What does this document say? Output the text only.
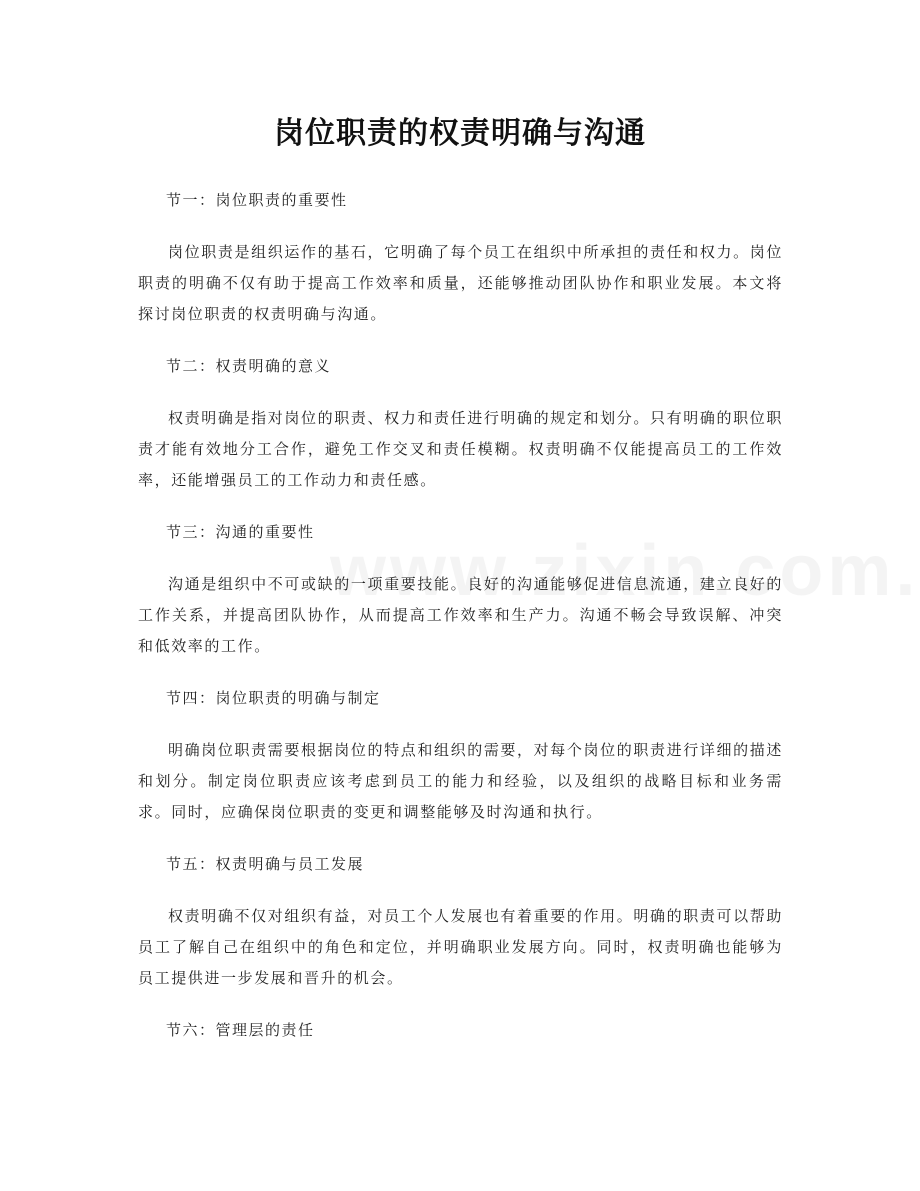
岗位职责的权责明确与沟通

节一：岗位职责的重要性

岗位职责是组织运作的基石，它明确了每个员工在组织中所承担的责任和权力。岗位职责的明确不仅有助于提高工作效率和质量，还能够推动团队协作和职业发展。本文将探讨岗位职责的权责明确与沟通。

节二：权责明确的意义

权责明确是指对岗位的职责、权力和责任进行明确的规定和划分。只有明确的职位职责才能有效地分工合作，避免工作交叉和责任模糊。权责明确不仅能提高员工的工作效率，还能增强员工的工作动力和责任感。

节三：沟通的重要性

沟通是组织中不可或缺的一项重要技能。良好的沟通能够促进信息流通，建立良好的工作关系，并提高团队协作，从而提高工作效率和生产力。沟通不畅会导致误解、冲突和低效率的工作。

节四：岗位职责的明确与制定

明确岗位职责需要根据岗位的特点和组织的需要，对每个岗位的职责进行详细的描述和划分。制定岗位职责应该考虑到员工的能力和经验，以及组织的战略目标和业务需求。同时，应确保岗位职责的变更和调整能够及时沟通和执行。

节五：权责明确与员工发展

权责明确不仅对组织有益，对员工个人发展也有着重要的作用。明确的职责可以帮助员工了解自己在组织中的角色和定位，并明确职业发展方向。同时，权责明确也能够为员工提供进一步发展和晋升的机会。

节六：管理层的责任
